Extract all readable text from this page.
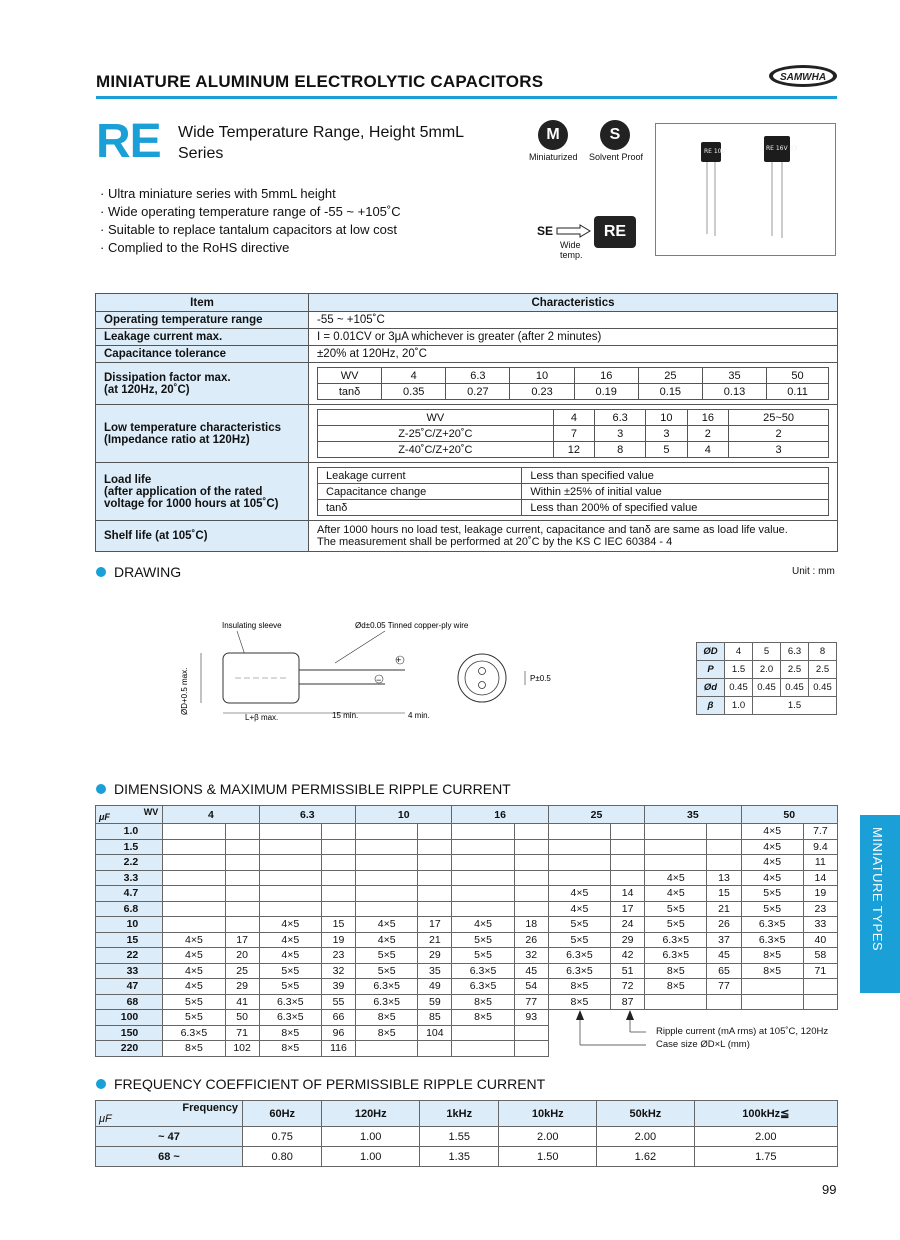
MINIATURE ALUMINUM ELECTROLYTIC CAPACITORS	SAMWHA
RE Wide Temperature Range, Height 5mmL
Series
· Ultra miniature series with 5mmL height
· Wide operating temperature range of -55 ~ +105˚C
· Suitable to replace tantalum capacitors at low cost
· Complied to the RoHS directive
M
Miniaturized
S
Solvent Proof
SE
Wide
temp.
RE
RE 10V	RE 16V 33
Item	Characteristics
Operating temperature range	-55 ~ +105˚C
Leakage current max.	I = 0.01CV or 3μA whichever is greater (after 2 minutes)
Capacitance tolerance	±20% at 120Hz, 20˚C

Dissipation factor max.
(at 120Hz, 20˚C)

WV	4	6.3	10	16	25	35	50
tanδ	0.35	0.27	0.23	0.19	0.15	0.13	0.11

Low temperature characteristics
(Impedance ratio at 120Hz)

WV	4	6.3	10	16	25~50
Z-25˚C/Z+20˚C	7	3	3	2	2
Z-40˚C/Z+20˚C	12	8	5	4	3

Load life
(after application of the rated
voltage for 1000 hours at 105˚C)

Leakage current	Less than specified value
Capacitance change	Within ±25% of initial value
tanδ	Less than 200% of specified value

Shelf life (at 105˚C)	After 1000 hours no load test, leakage current, capacitance and tanδ are same as load life value.
The measurement shall be performed at 20˚C by the KS C IEC 60384 - 4
DRAWING	Unit : mm
Insulating sleeve	Ød±0.05 Tinned copper-ply wire
+
−
ØD+0.5 max.
L+β max.	15 min.	4 min.
P±0.5
ØD	4	5	6.3	8
P	1.5	2.0	2.5	2.5
Ød	0.45	0.45	0.45	0.45
β	1.0	1.5		
DIMENSIONS & MAXIMUM PERMISSIBLE RIPPLE CURRENT
μF WV	4		6.3		10		16		25		35		50	
1.0													4×5	7.7
1.5													4×5	9.4
2.2													4×5	11
3.3											4×5	13	4×5	14
4.7									4×5	14	4×5	15	5×5	19
6.8									4×5	17	5×5	21	5×5	23
10			4×5	15	4×5	17	4×5	18	5×5	24	5×5	26	6.3×5	33
15	4×5	17	4×5	19	4×5	21	5×5	26	5×5	29	6.3×5	37	6.3×5	40
22	4×5	20	4×5	23	5×5	29	5×5	32	6.3×5	42	6.3×5	45	8×5	58
33	4×5	25	5×5	32	5×5	35	6.3×5	45	6.3×5	51	8×5	65	8×5	71
47	4×5	29	5×5	39	6.3×5	49	6.3×5	54	8×5	72	8×5	77		
68	5×5	41	6.3×5	55	6.3×5	59	8×5	77	8×5	87				
100	5×5	50	6.3×5	66	8×5	85	8×5	93						
150	6.3×5	71	8×5	96	8×5	104								
220	8×5	102	8×5	116										
Ripple current (mA rms) at 105˚C, 120Hz
Case size ØD×L (mm)
FREQUENCY COEFFICIENT OF PERMISSIBLE RIPPLE CURRENT
Frequency
μF	60Hz	120Hz	1kHz	10kHz	50kHz	100kHz≦
~ 47	0.75	1.00	1.55	2.00	2.00	2.00
68 ~	0.80	1.00	1.35	1.50	1.62	1.75
MINIATURE TYPES
99
